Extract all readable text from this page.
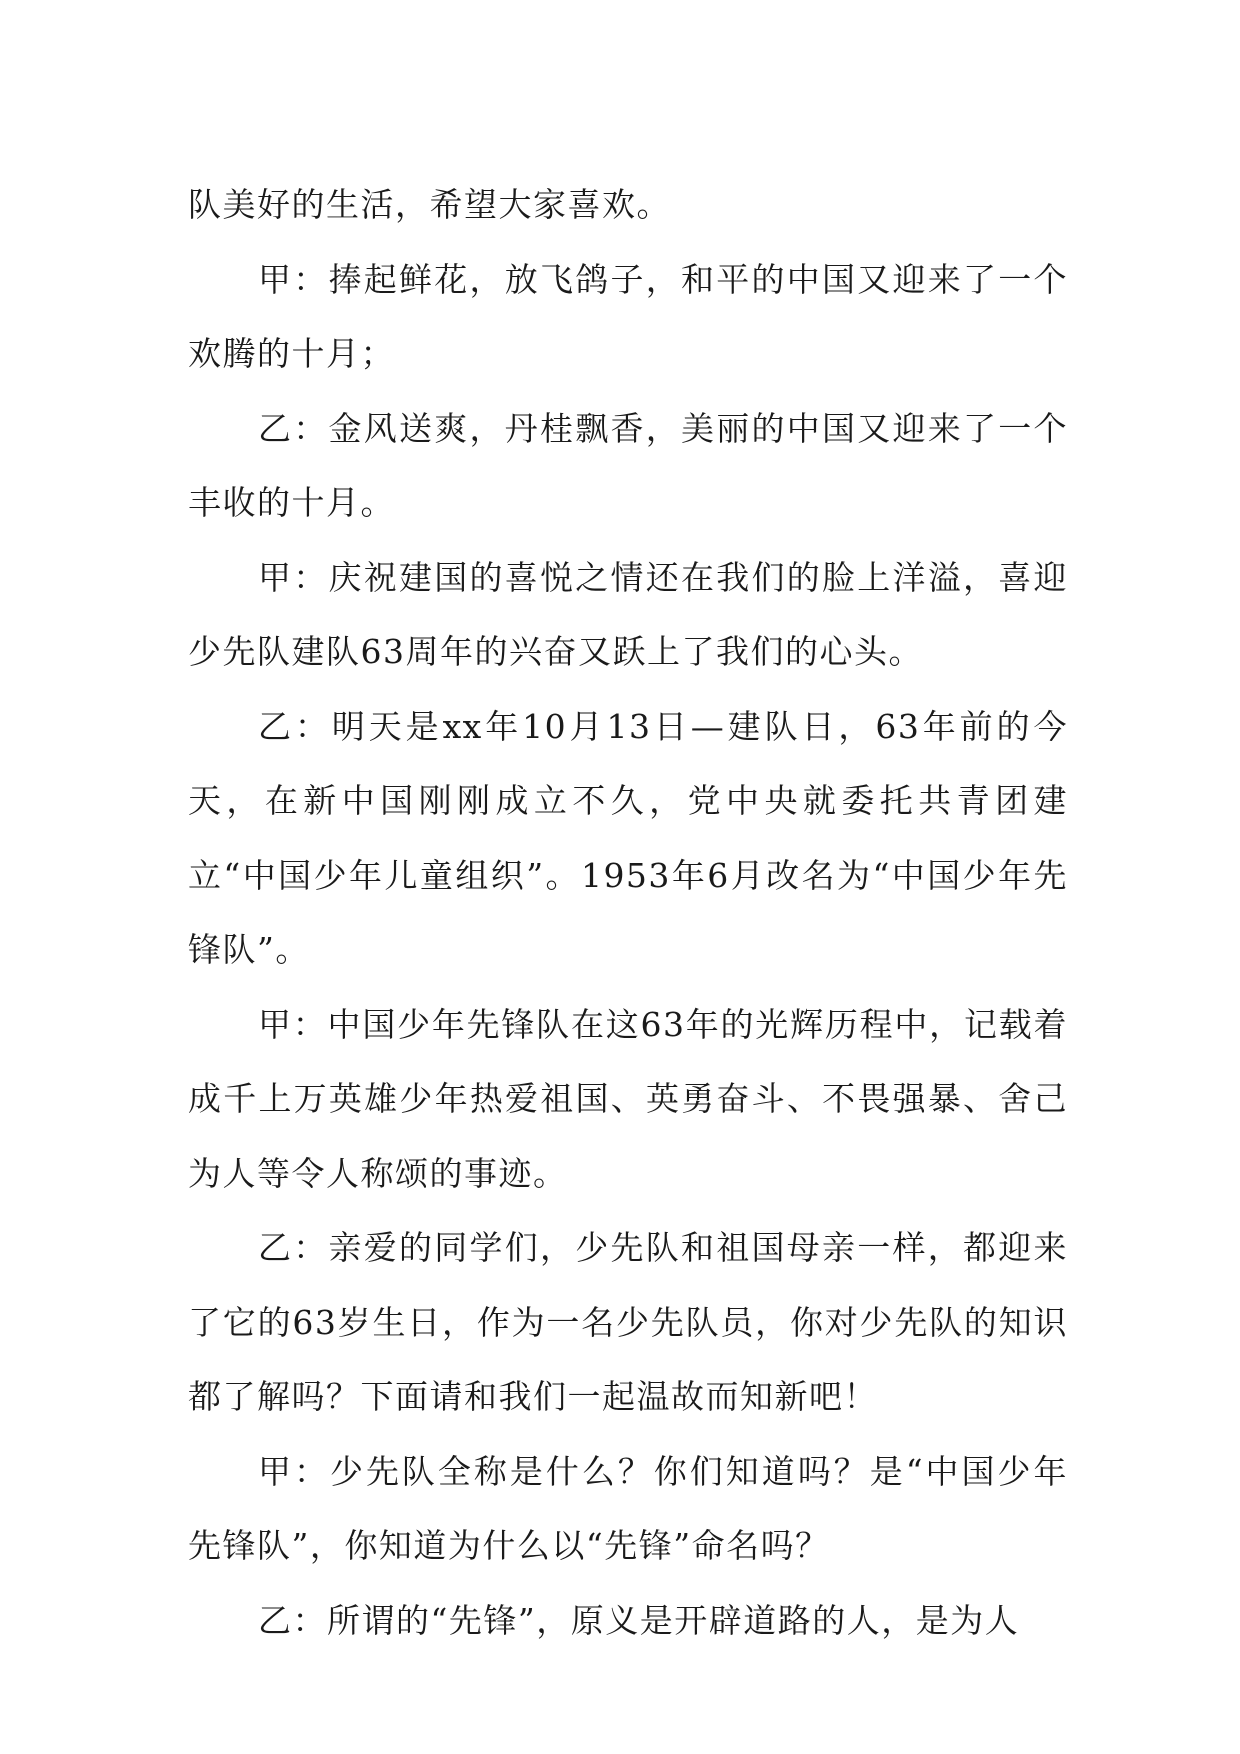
队美好的生活，希望大家喜欢。

甲：捧起鲜花，放飞鸽子，和平的中国又迎来了一个欢腾的十月；

乙：金风送爽，丹桂飘香，美丽的中国又迎来了一个丰收的十月。

甲：庆祝建国的喜悦之情还在我们的脸上洋溢，喜迎少先队建队63周年的兴奋又跃上了我们的心头。

乙：明天是xx年10月13日—建队日，63年前的今天，在新中国刚刚成立不久，党中央就委托共青团建立“中国少年儿童组织”。1953年6月改名为“中国少年先锋队”。

甲：中国少年先锋队在这63年的光辉历程中，记载着成千上万英雄少年热爱祖国、英勇奋斗、不畏强暴、舍己为人等令人称颂的事迹。

乙：亲爱的同学们，少先队和祖国母亲一样，都迎来了它的63岁生日，作为一名少先队员，你对少先队的知识都了解吗？下面请和我们一起温故而知新吧！

甲：少先队全称是什么？你们知道吗？是“中国少年先锋队”，你知道为什么以“先锋”命名吗？

乙：所谓的“先锋”，原义是开辟道路的人，是为人
